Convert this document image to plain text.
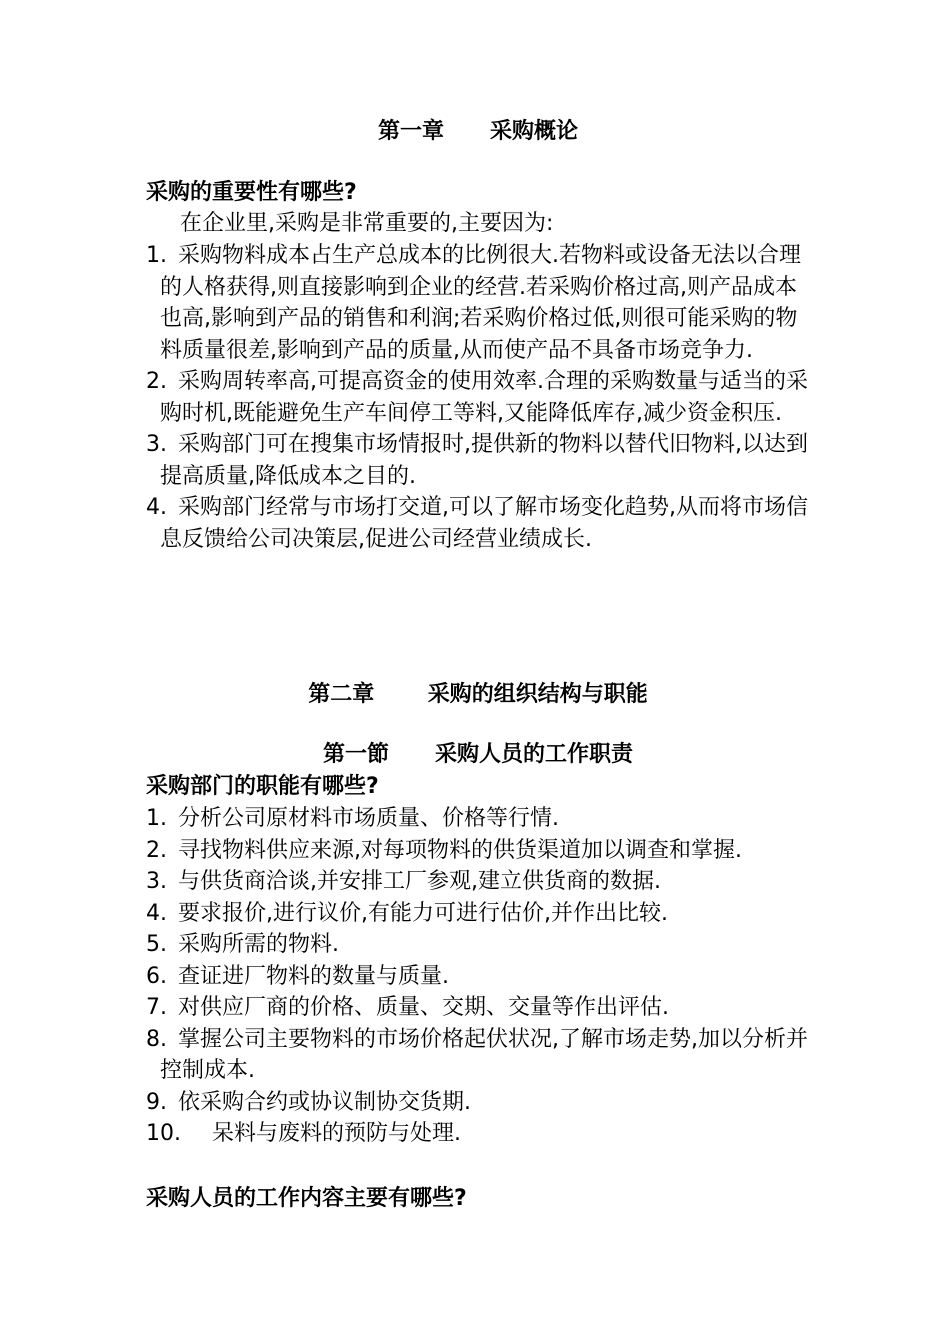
第一章      采购概论
采购的重要性有哪些?
在企业里,采购是非常重要的,主要因为:
1. 采购物料成本占生产总成本的比例很大.若物料或设备无法以合理的人格获得,则直接影响到企业的经营.若采购价格过高,则产品成本也高,影响到产品的销售和利润;若采购价格过低,则很可能采购的物料质量很差,影响到产品的质量,从而使产品不具备市场竞争力.
2. 采购周转率高,可提高资金的使用效率.合理的采购数量与适当的采购时机,既能避免生产车间停工等料,又能降低库存,减少资金积压.
3. 采购部门可在搜集市场情报时,提供新的物料以替代旧物料,以达到提高质量,降低成本之目的.
4. 采购部门经常与市场打交道,可以了解市场变化趋势,从而将市场信息反馈给公司决策层,促进公司经营业绩成长.
第二章       采购的组织结构与职能
第一節      采购人员的工作职责
采购部门的职能有哪些?
1. 分析公司原材料市场质量、价格等行情.
2. 寻找物料供应来源,对每项物料的供货渠道加以调查和掌握.
3. 与供货商洽谈,并安排工厂参观,建立供货商的数据.
4. 要求报价,进行议价,有能力可进行估价,并作出比较.
5. 采购所需的物料.
6. 查证进厂物料的数量与质量.
7. 对供应厂商的价格、质量、交期、交量等作出评估.
8. 掌握公司主要物料的市场价格起伏状况,了解市场走势,加以分析并控制成本.
9. 依采购合约或协议制协交货期.
10.	呆料与废料的预防与处理.
采购人员的工作内容主要有哪些?
